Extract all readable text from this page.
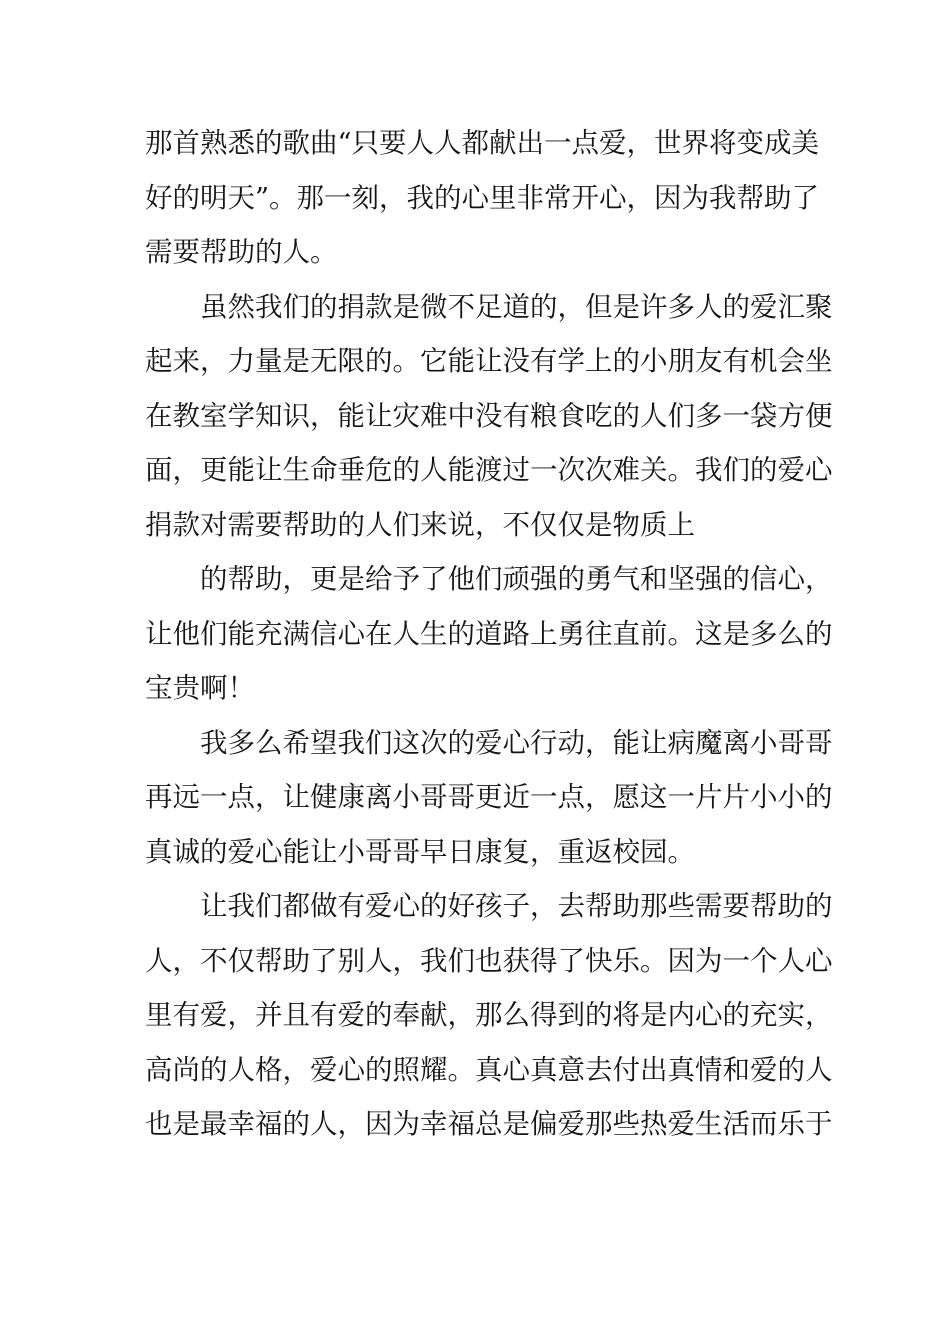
那首熟悉的歌曲“只要人人都献出一点爱，世界将变成美
好的明天”。那一刻，我的心里非常开心，因为我帮助了
需要帮助的人。
虽然我们的捐款是微不足道的，但是许多人的爱汇聚
起来，力量是无限的。它能让没有学上的小朋友有机会坐
在教室学知识，能让灾难中没有粮食吃的人们多一袋方便
面，更能让生命垂危的人能渡过一次次难关。我们的爱心
捐款对需要帮助的人们来说，不仅仅是物质上
的帮助，更是给予了他们顽强的勇气和坚强的信心，
让他们能充满信心在人生的道路上勇往直前。这是多么的
宝贵啊！
我多么希望我们这次的爱心行动，能让病魔离小哥哥
再远一点，让健康离小哥哥更近一点，愿这一片片小小的
真诚的爱心能让小哥哥早日康复，重返校园。
让我们都做有爱心的好孩子，去帮助那些需要帮助的
人，不仅帮助了别人，我们也获得了快乐。因为一个人心
里有爱，并且有爱的奉献，那么得到的将是内心的充实，
高尚的人格，爱心的照耀。真心真意去付出真情和爱的人
也是最幸福的人，因为幸福总是偏爱那些热爱生活而乐于
